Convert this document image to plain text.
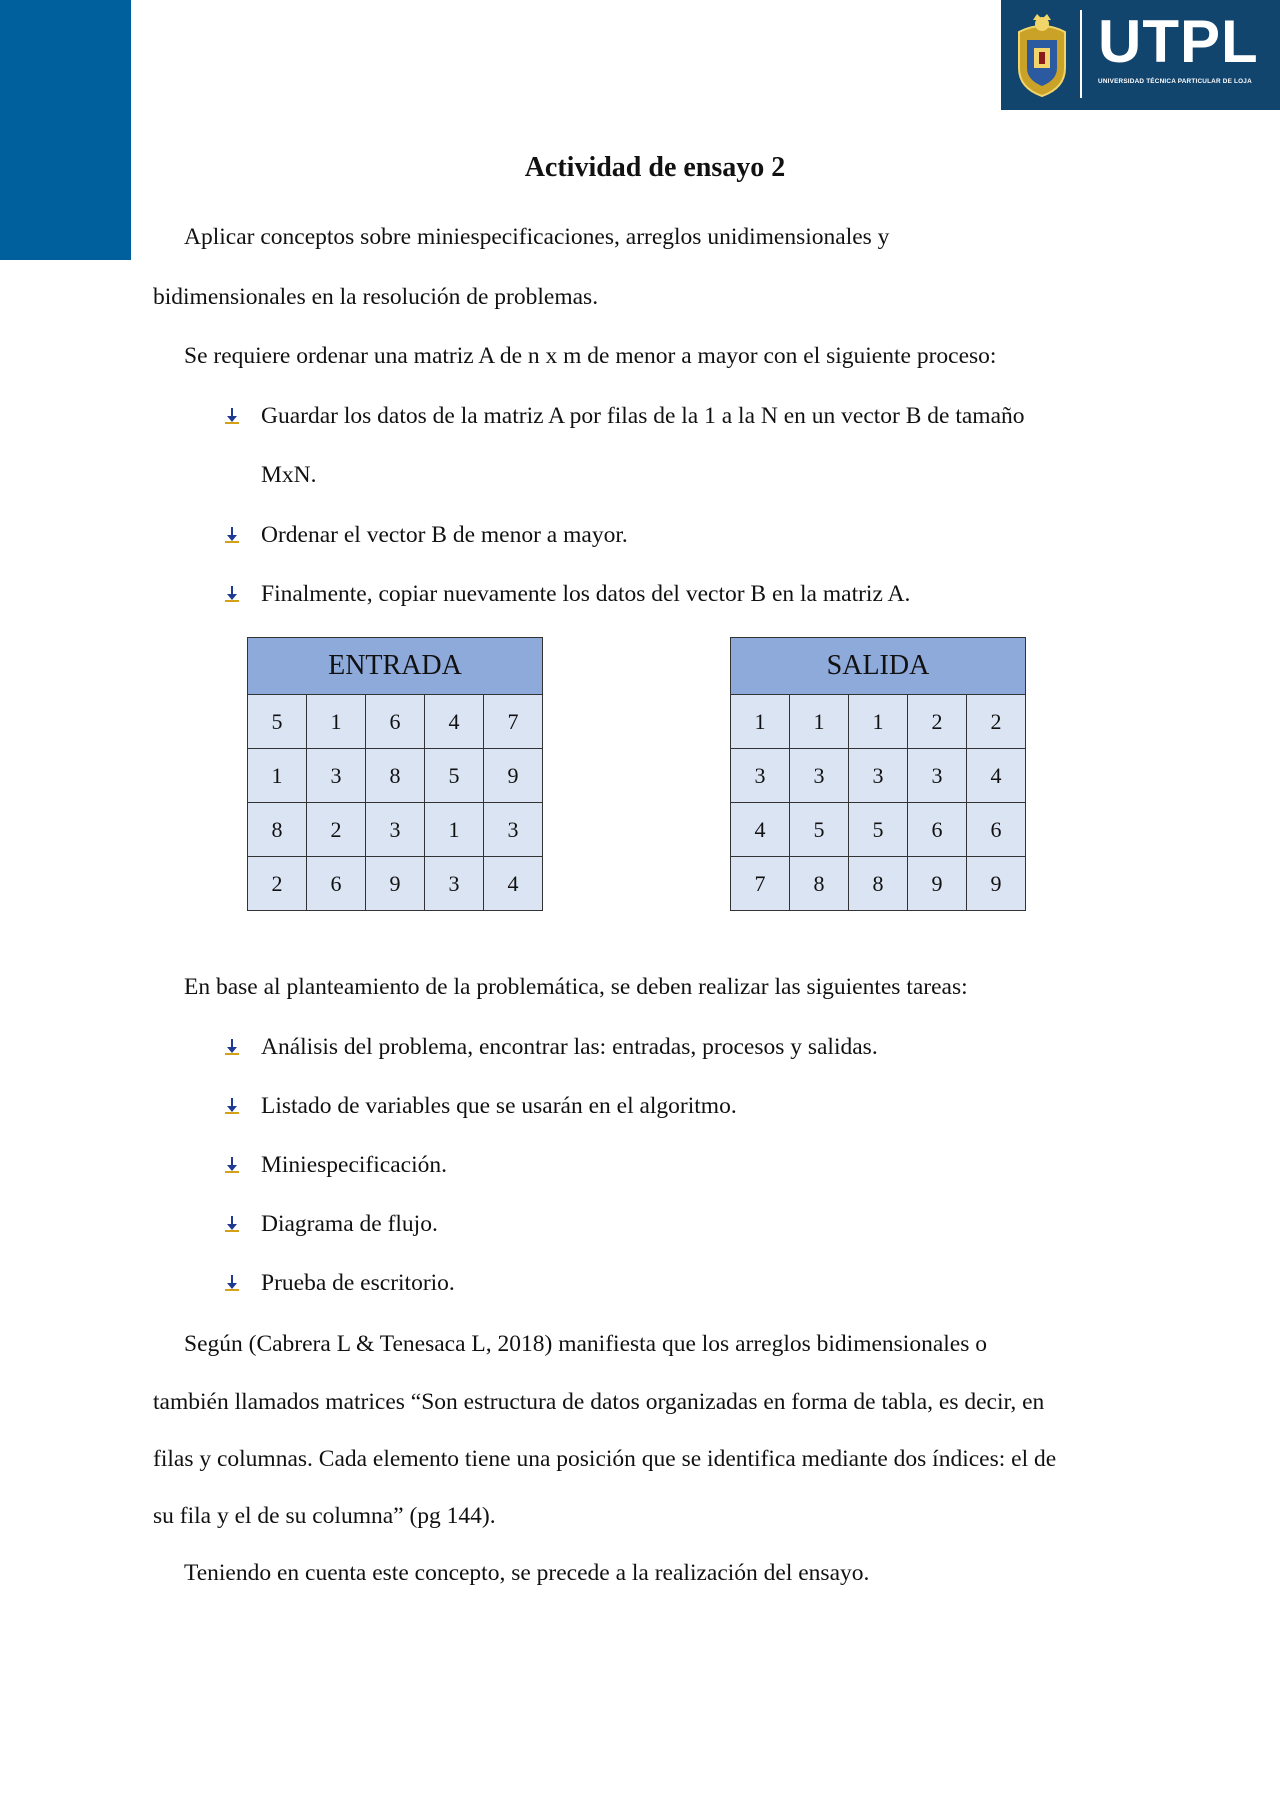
UTPL
UNIVERSIDAD TÉCNICA PARTICULAR DE LOJA
Actividad de ensayo 2
Aplicar conceptos sobre miniespecificaciones, arreglos unidimensionales y
bidimensionales en la resolución de problemas.
Se requiere ordenar una matriz A de n x m de menor a mayor con el siguiente proceso:
Guardar los datos de la matriz A por filas de la 1 a la N en un vector B de tamaño
MxN.
Ordenar el vector B de menor a mayor.
Finalmente, copiar nuevamente los datos del vector B en la matriz A.
ENTRADA				
5	1	6	4	7
1	3	8	5	9
8	2	3	1	3
2	6	9	3	4
SALIDA				
1	1	1	2	2
3	3	3	3	4
4	5	5	6	6
7	8	8	9	9
En base al planteamiento de la problemática, se deben realizar las siguientes tareas:
Análisis del problema, encontrar las: entradas, procesos y salidas.
Listado de variables que se usarán en el algoritmo.
Miniespecificación.
Diagrama de flujo.
Prueba de escritorio.
Según (Cabrera L & Tenesaca L, 2018) manifiesta que los arreglos bidimensionales o
también llamados matrices “Son estructura de datos organizadas en forma de tabla, es decir, en
filas y columnas. Cada elemento tiene una posición que se identifica mediante dos índices: el de
su fila y el de su columna” (pg 144).
Teniendo en cuenta este concepto, se precede a la realización del ensayo.
